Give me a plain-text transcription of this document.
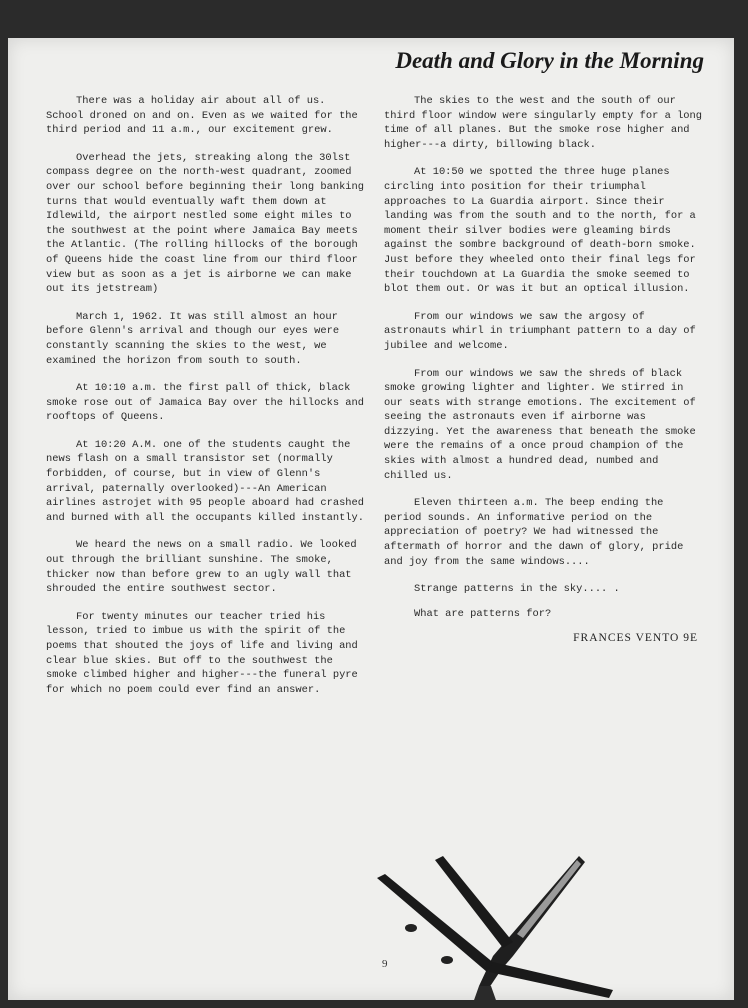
Death and Glory in the Morning

There was a holiday air about all of us. School droned on and on. Even as we waited for the third period and 11 a.m., our excitement grew.

Overhead the jets, streaking along the 30lst compass degree on the north-west quadrant, zoomed over our school before beginning their long banking turns that would eventually waft them down at Idlewild, the airport nestled some eight miles to the southwest at the point where Jamaica Bay meets the Atlantic. (The rolling hillocks of the borough of Queens hide the coast line from our third floor view but as soon as a jet is airborne we can make out its jetstream)

March 1, 1962. It was still almost an hour before Glenn's arrival and though our eyes were constantly scanning the skies to the west, we examined the horizon from south to south.

At 10:10 a.m. the first pall of thick, black smoke rose out of Jamaica Bay over the hillocks and rooftops of Queens.

At 10:20 A.M. one of the students caught the news flash on a small transistor set (normally forbidden, of course, but in view of Glenn's arrival, paternally overlooked)---An American airlines astrojet with 95 people aboard had crashed and burned with all the occupants killed instantly.

We heard the news on a small radio. We looked out through the brilliant sunshine. The smoke, thicker now than before grew to an ugly wall that shrouded the entire southwest sector.

For twenty minutes our teacher tried his lesson, tried to imbue us with the spirit of the poems that shouted the joys of life and living and clear blue skies. But off to the southwest the smoke climbed higher and higher---the funeral pyre for which no poem could ever find an answer.

The skies to the west and the south of our third floor window were singularly empty for a long time of all planes. But the smoke rose higher and higher---a dirty, billowing black.

At 10:50 we spotted the three huge planes circling into position for their triumphal approaches to La Guardia airport. Since their landing was from the south and to the north, for a moment their silver bodies were gleaming birds against the sombre background of death-born smoke. Just before they wheeled onto their final legs for their touchdown at La Guardia the smoke seemed to blot them out. Or was it but an optical illusion.

From our windows we saw the argosy of astronauts whirl in triumphant pattern to a day of jubilee and welcome.

From our windows we saw the shreds of black smoke growing lighter and lighter. We stirred in our seats with strange emotions. The excitement of seeing the astronauts even if airborne was dizzying. Yet the awareness that beneath the smoke were the remains of a once proud champion of the skies with almost a hundred dead, numbed and chilled us.

Eleven thirteen a.m. The beep ending the period sounds. An informative period on the appreciation of poetry? We had witnessed the aftermath of horror and the dawn of glory, pride and joy from the same windows....

Strange patterns in the sky.... .

What are patterns for?

FRANCES VENTO 9E
9
